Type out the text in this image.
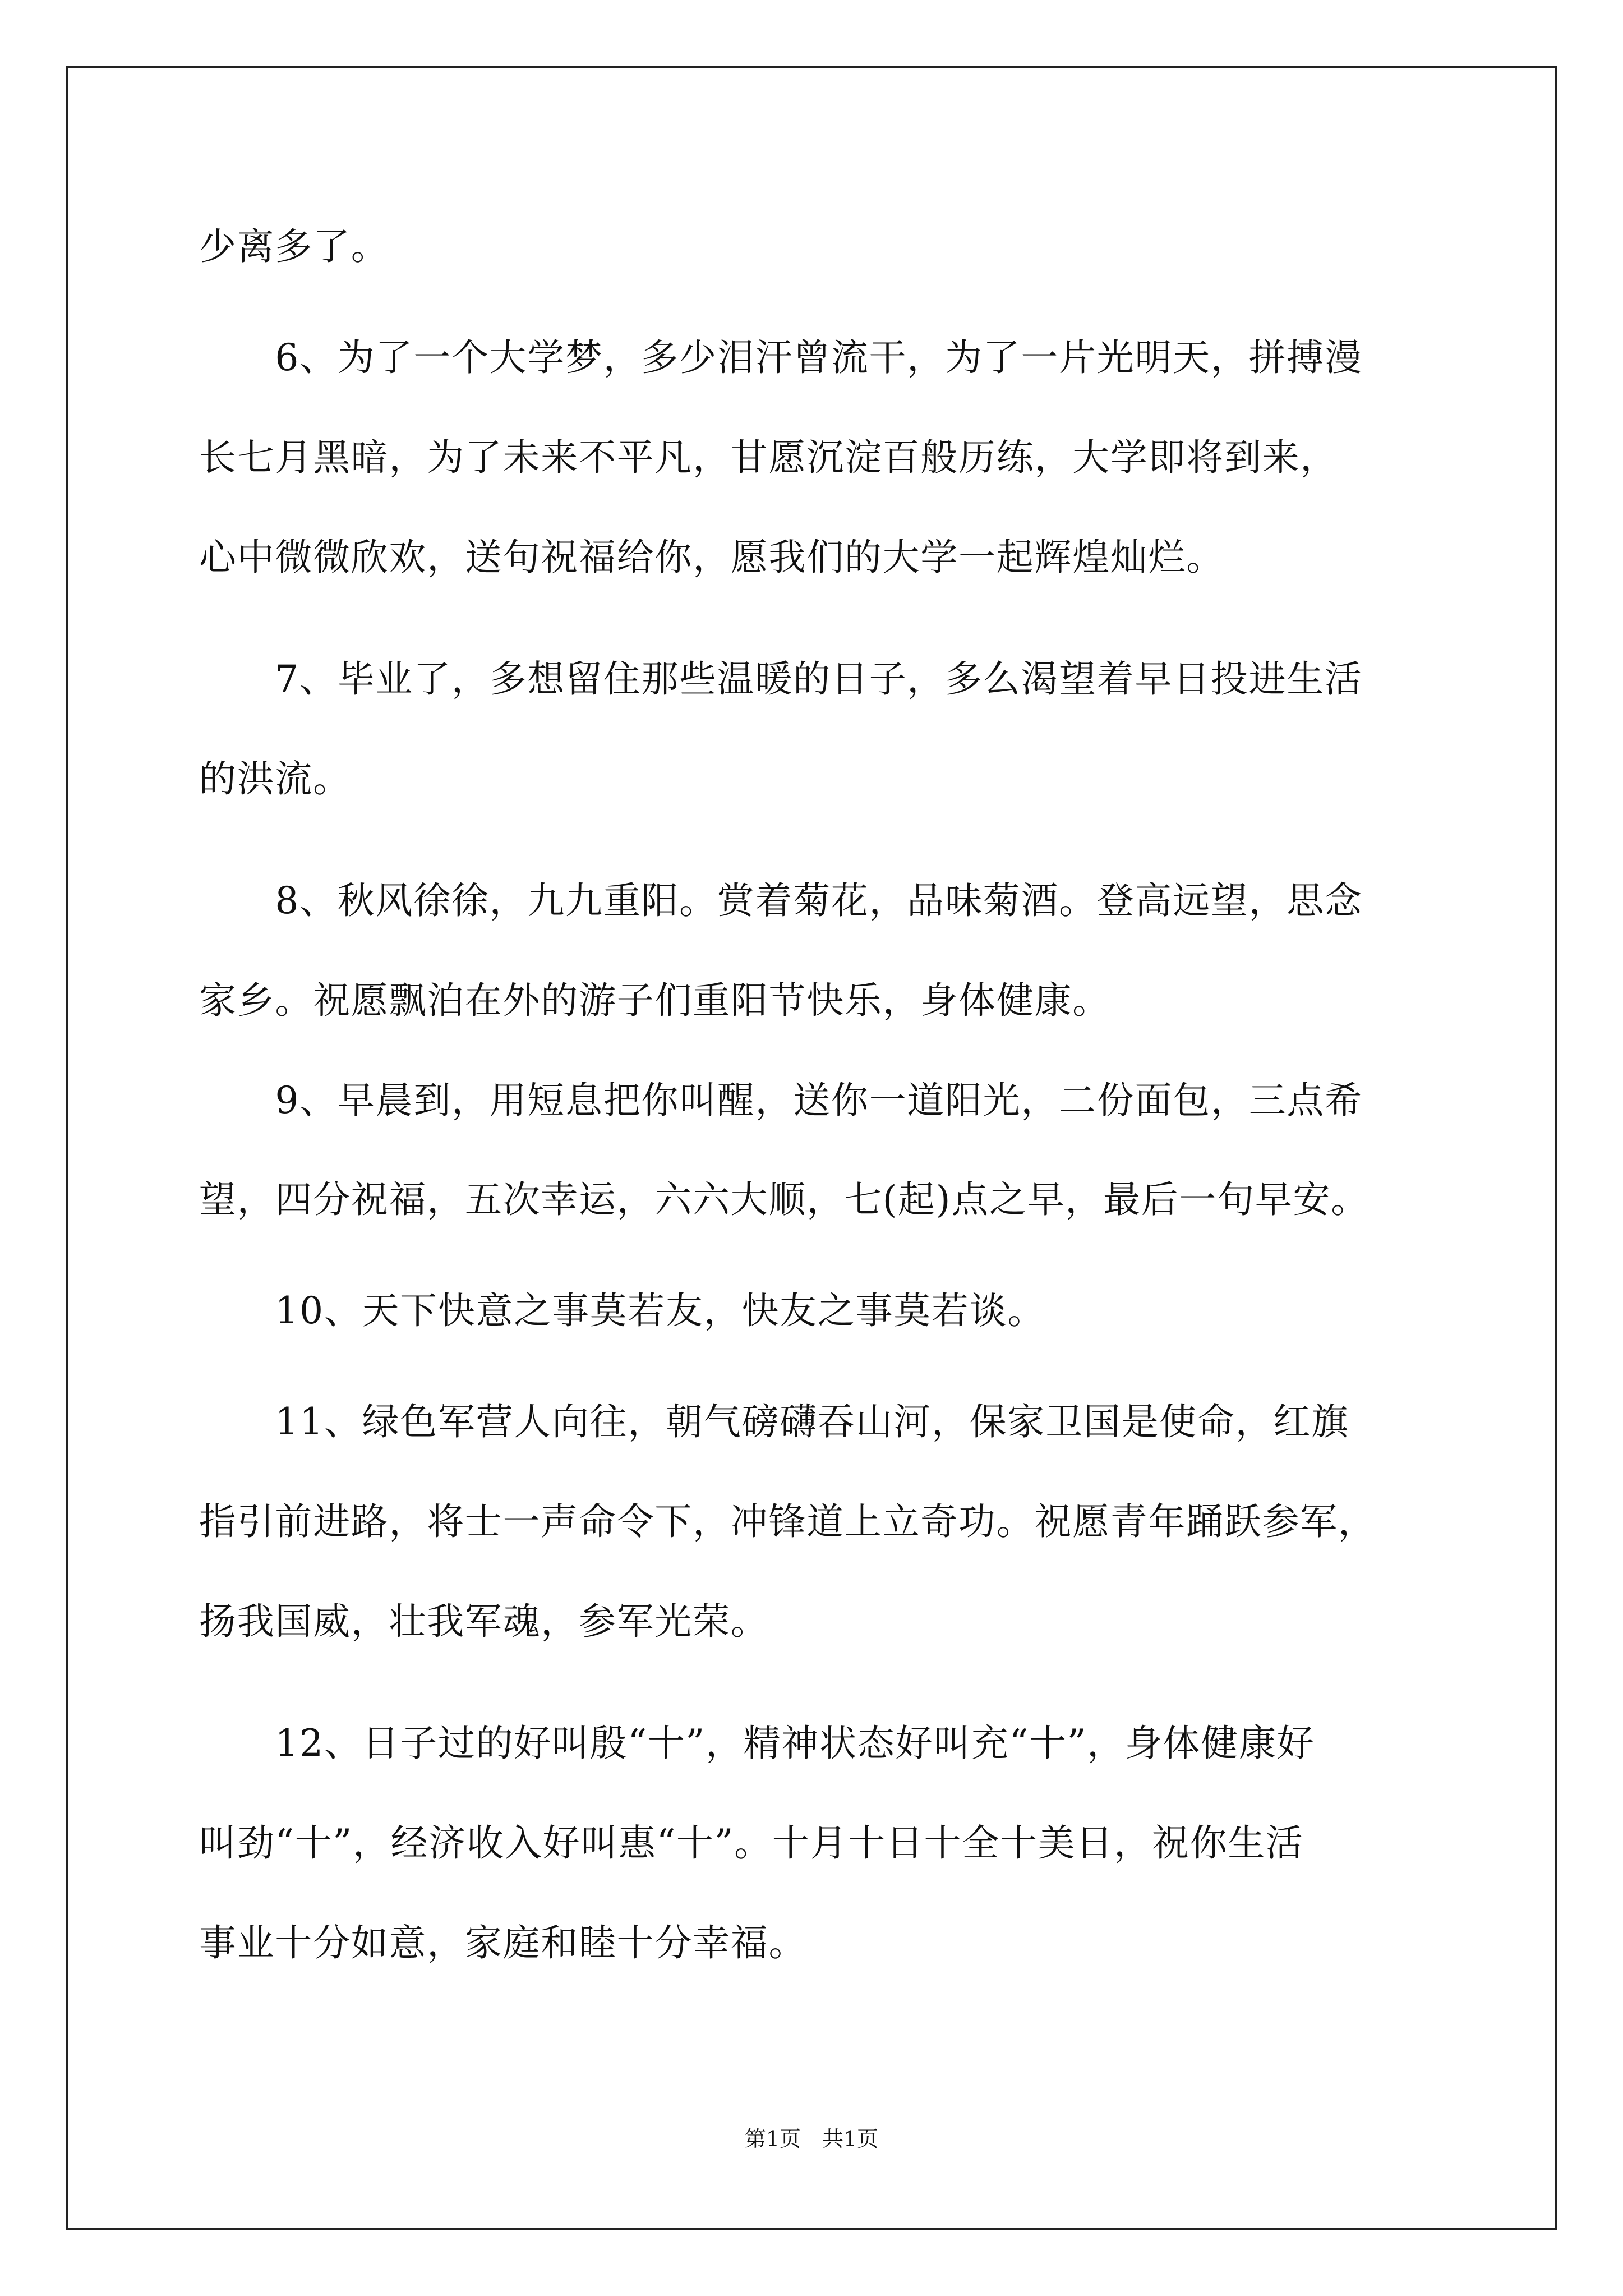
少离多了。
　　6、为了一个大学梦，多少泪汗曾流干，为了一片光明天，拼搏漫
长七月黑暗，为了未来不平凡，甘愿沉淀百般历练，大学即将到来，
心中微微欣欢，送句祝福给你，愿我们的大学一起辉煌灿烂。
　　7、毕业了，多想留住那些温暖的日子，多么渴望着早日投进生活
的洪流。
　　8、秋风徐徐，九九重阳。赏着菊花，品味菊酒。登高远望，思念
家乡。祝愿飘泊在外的游子们重阳节快乐，身体健康。
　　9、早晨到，用短息把你叫醒，送你一道阳光，二份面包，三点希
望，四分祝福，五次幸运，六六大顺，七(起)点之早，最后一句早安。
　　10、天下快意之事莫若友，快友之事莫若谈。
　　11、绿色军营人向往，朝气磅礴吞山河，保家卫国是使命，红旗
指引前进路，将士一声命令下，冲锋道上立奇功。祝愿青年踊跃参军，
扬我国威，壮我军魂，参军光荣。
　　12、日子过的好叫殷“十”，精神状态好叫充“十”，身体健康好
叫劲“十”，经济收入好叫惠“十”。十月十日十全十美日，祝你生活
事业十分如意，家庭和睦十分幸福。
第1页　共1页
